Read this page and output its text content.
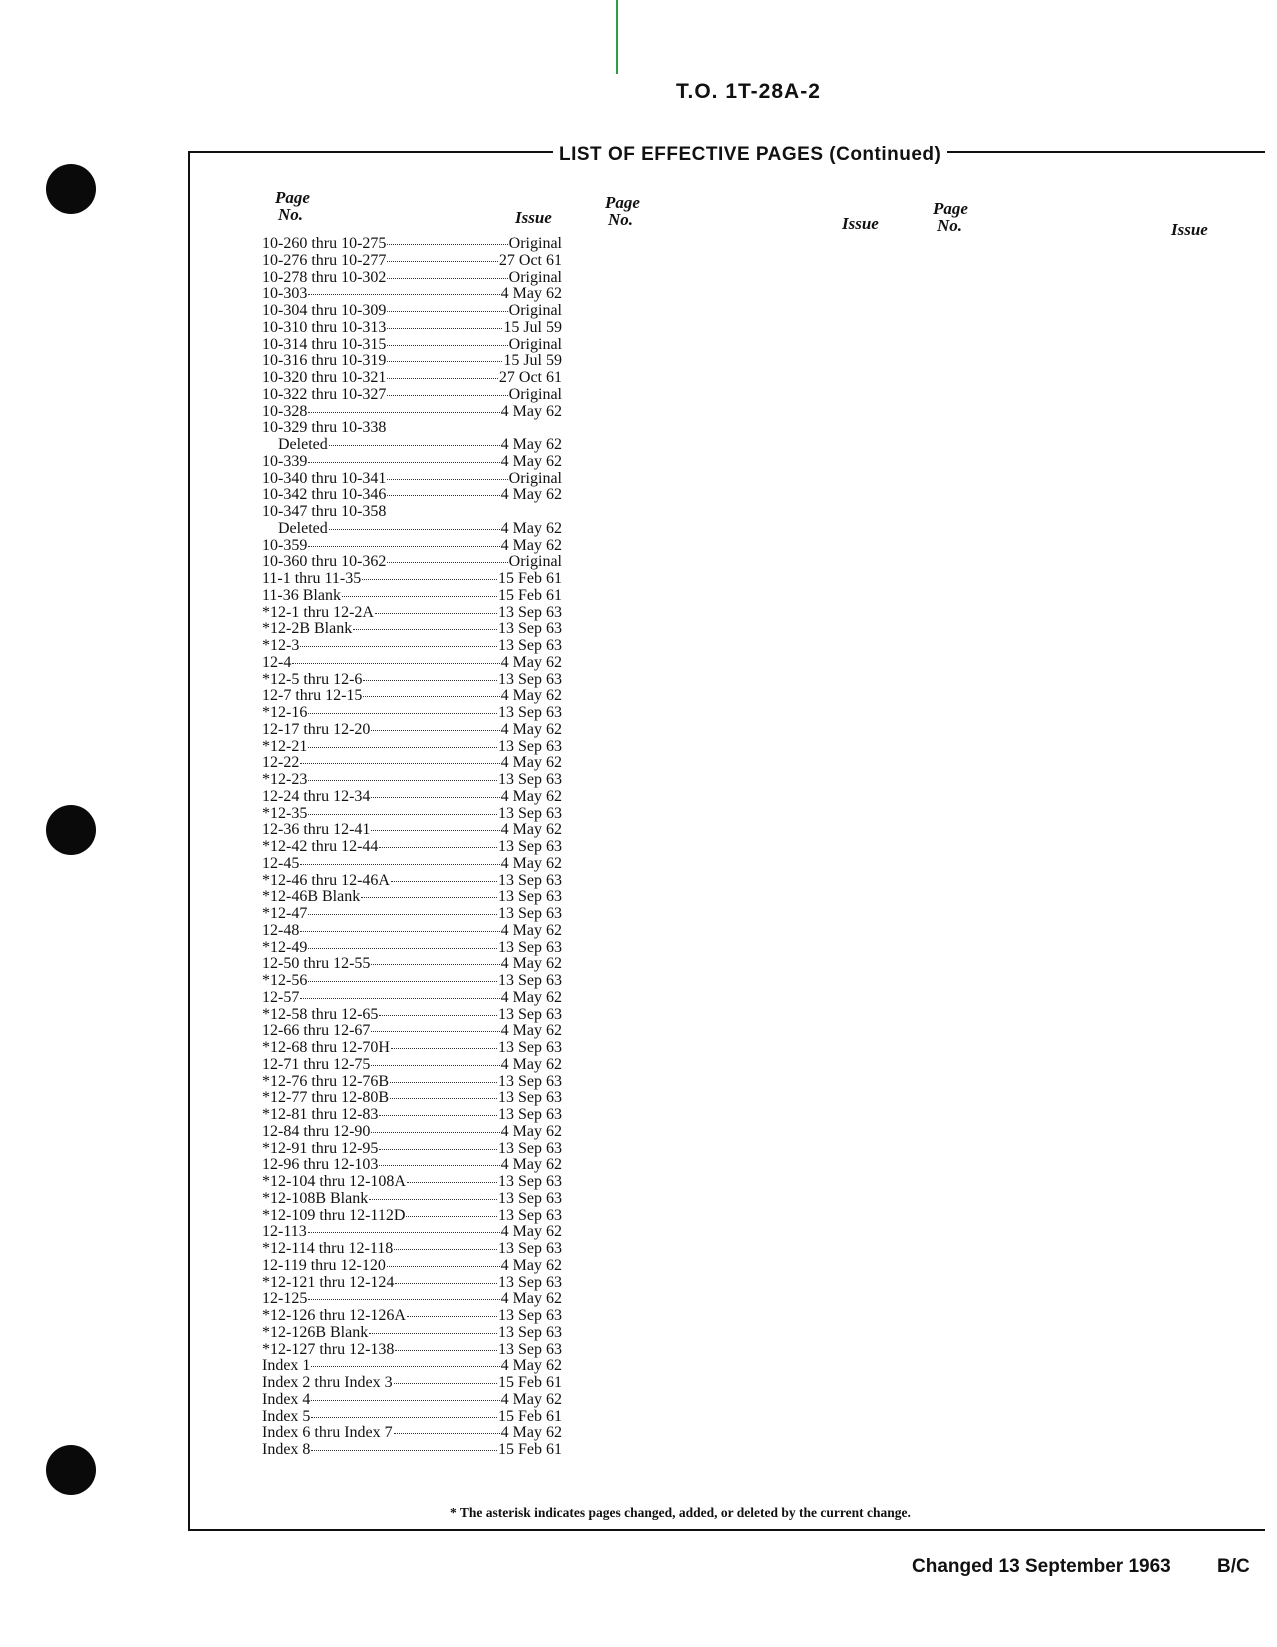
T.O. 1T-28A-2
LIST OF EFFECTIVE PAGES (Continued)
Page
No.	Issue
Page
No.	Issue
Page
No.	Issue
10-260 thru 10-275	Original
10-276 thru 10-277	27 Oct 61
10-278 thru 10-302	Original
10-303	4 May 62
10-304 thru 10-309	Original
10-310 thru 10-313	15 Jul 59
10-314 thru 10-315	Original
10-316 thru 10-319	15 Jul 59
10-320 thru 10-321	27 Oct 61
10-322 thru 10-327	Original
10-328	4 May 62
10-329 thru 10-338
Deleted	4 May 62
10-339	4 May 62
10-340 thru 10-341	Original
10-342 thru 10-346	4 May 62
10-347 thru 10-358
Deleted	4 May 62
10-359	4 May 62
10-360 thru 10-362	Original
11-1 thru 11-35	15 Feb 61
11-36 Blank	15 Feb 61
*12-1 thru 12-2A	13 Sep 63
*12-2B Blank	13 Sep 63
*12-3	13 Sep 63
12-4	4 May 62
*12-5 thru 12-6	13 Sep 63
12-7 thru 12-15	4 May 62
*12-16	13 Sep 63
12-17 thru 12-20	4 May 62
*12-21	13 Sep 63
12-22	4 May 62
*12-23	13 Sep 63
12-24 thru 12-34	4 May 62
*12-35	13 Sep 63
12-36 thru 12-41	4 May 62
*12-42 thru 12-44	13 Sep 63
12-45	4 May 62
*12-46 thru 12-46A	13 Sep 63
*12-46B Blank	13 Sep 63
*12-47	13 Sep 63
12-48	4 May 62
*12-49	13 Sep 63
12-50 thru 12-55	4 May 62
*12-56	13 Sep 63
12-57	4 May 62
*12-58 thru 12-65	13 Sep 63
12-66 thru 12-67	4 May 62
*12-68 thru 12-70H	13 Sep 63
12-71 thru 12-75	4 May 62
*12-76 thru 12-76B	13 Sep 63
*12-77 thru 12-80B	13 Sep 63
*12-81 thru 12-83	13 Sep 63
12-84 thru 12-90	4 May 62
*12-91 thru 12-95	13 Sep 63
12-96 thru 12-103	4 May 62
*12-104 thru 12-108A	13 Sep 63
*12-108B Blank	13 Sep 63
*12-109 thru 12-112D	13 Sep 63
12-113	4 May 62
*12-114 thru 12-118	13 Sep 63
12-119 thru 12-120	4 May 62
*12-121 thru 12-124	13 Sep 63
12-125	4 May 62
*12-126 thru 12-126A	13 Sep 63
*12-126B Blank	13 Sep 63
*12-127 thru 12-138	13 Sep 63
Index 1	4 May 62
Index 2 thru Index 3	15 Feb 61
Index 4	4 May 62
Index 5	15 Feb 61
Index 6 thru Index 7	4 May 62
Index 8	15 Feb 61
* The asterisk indicates pages changed, added, or deleted by the current change.
Changed 13 September 1963 B/C
